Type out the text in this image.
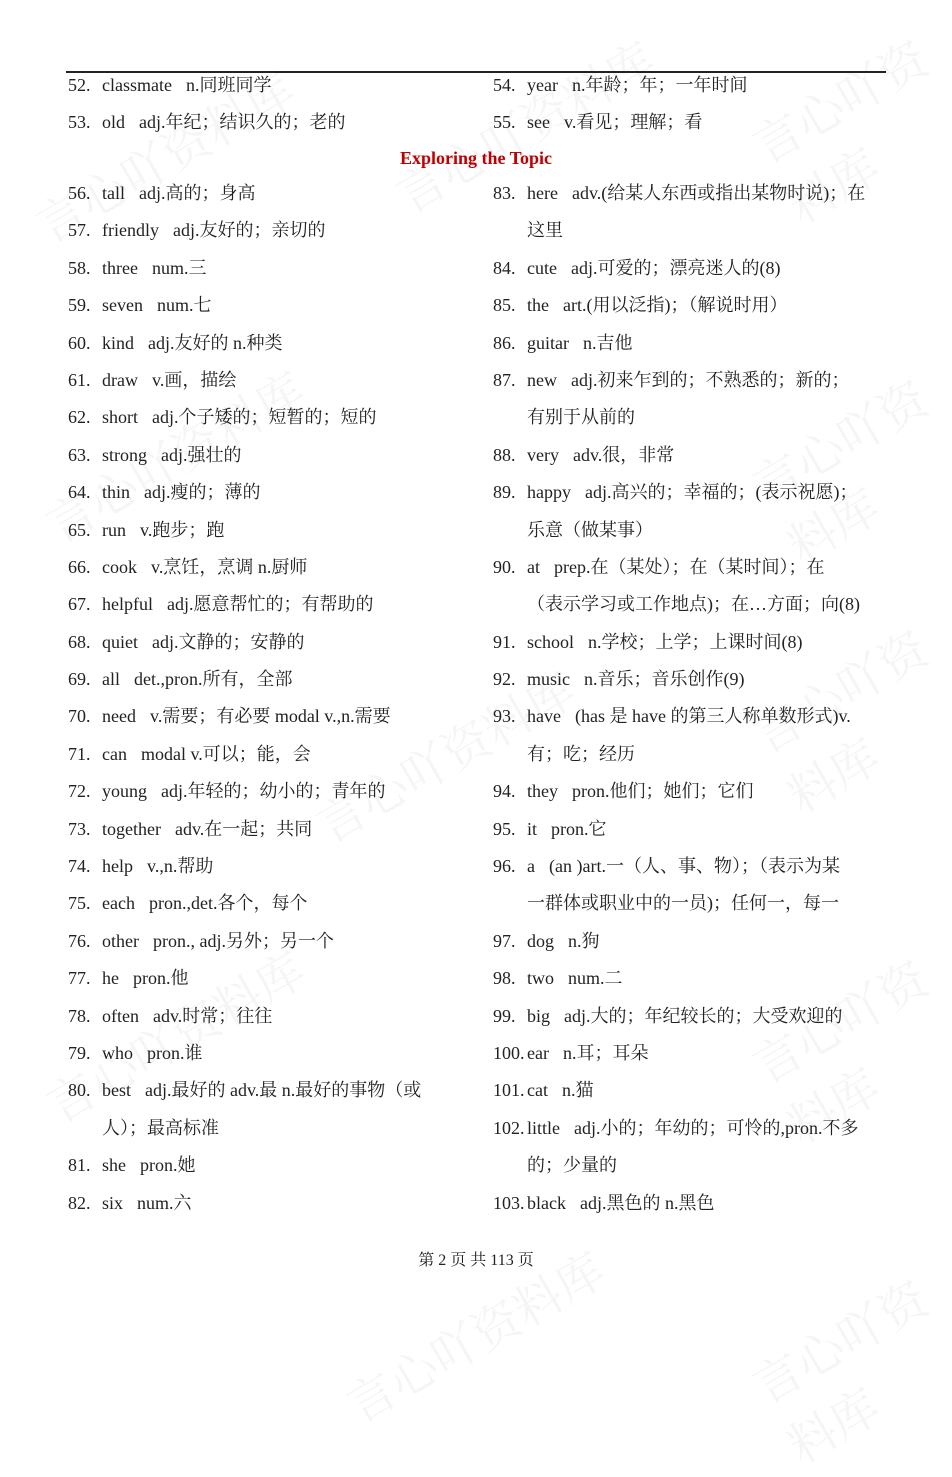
52. classmate n.同班同学
53. old adj.年纪；结识久的；老的
54. year n.年龄；年；一年时间
55. see v.看见；理解；看
Exploring the Topic
56. tall adj.高的；身高
57. friendly adj.友好的；亲切的
58. three num.三
59. seven num.七
60. kind adj.友好的 n.种类
61. draw v.画，描绘
62. short adj.个子矮的；短暂的；短的
63. strong adj.强壮的
64. thin adj.瘦的；薄的
65. run v.跑步；跑
66. cook v.烹饪，烹调 n.厨师
67. helpful adj.愿意帮忙的；有帮助的
68. quiet adj.文静的；安静的
69. all det.,pron.所有，全部
70. need v.需要；有必要 modal v.,n.需要
71. can modal v.可以；能，会
72. young adj.年轻的；幼小的；青年的
73. together adv.在一起；共同
74. help v.,n.帮助
75. each pron.,det.各个，每个
76. other pron., adj.另外；另一个
77. he pron.他
78. often adv.时常；往往
79. who pron.谁
80. best adj.最好的 adv.最 n.最好的事物（或
人）；最高标准
81. she pron.她
82. six num.六
83. here adv.(给某人东西或指出某物时说)；在
这里
84. cute adj.可爱的；漂亮迷人的(8)
85. the art.(用以泛指)；（解说时用）
86. guitar n.吉他
87. new adj.初来乍到的；不熟悉的；新的；
有别于从前的
88. very adv.很，非常
89. happy adj.高兴的；幸福的；(表示祝愿)；
乐意（做某事）
90. at prep.在（某处）；在（某时间）；在
（表示学习或工作地点)；在…方面；向(8)
91. school n.学校；上学；上课时间(8)
92. music n.音乐；音乐创作(9)
93. have (has 是 have 的第三人称单数形式)v.
有；吃；经历
94. they pron.他们；她们；它们
95. it pron.它
96. a (an )art.一（人、事、物）；（表示为某
一群体或职业中的一员)；任何一，每一
97. dog n.狗
98. two num.二
99. big adj.大的；年纪较长的；大受欢迎的
100. ear n.耳；耳朵
101. cat n.猫
102. little adj.小的；年幼的；可怜的,pron.不多
的；少量的
103. black adj.黑色的 n.黑色
第 2 页 共 113 页
